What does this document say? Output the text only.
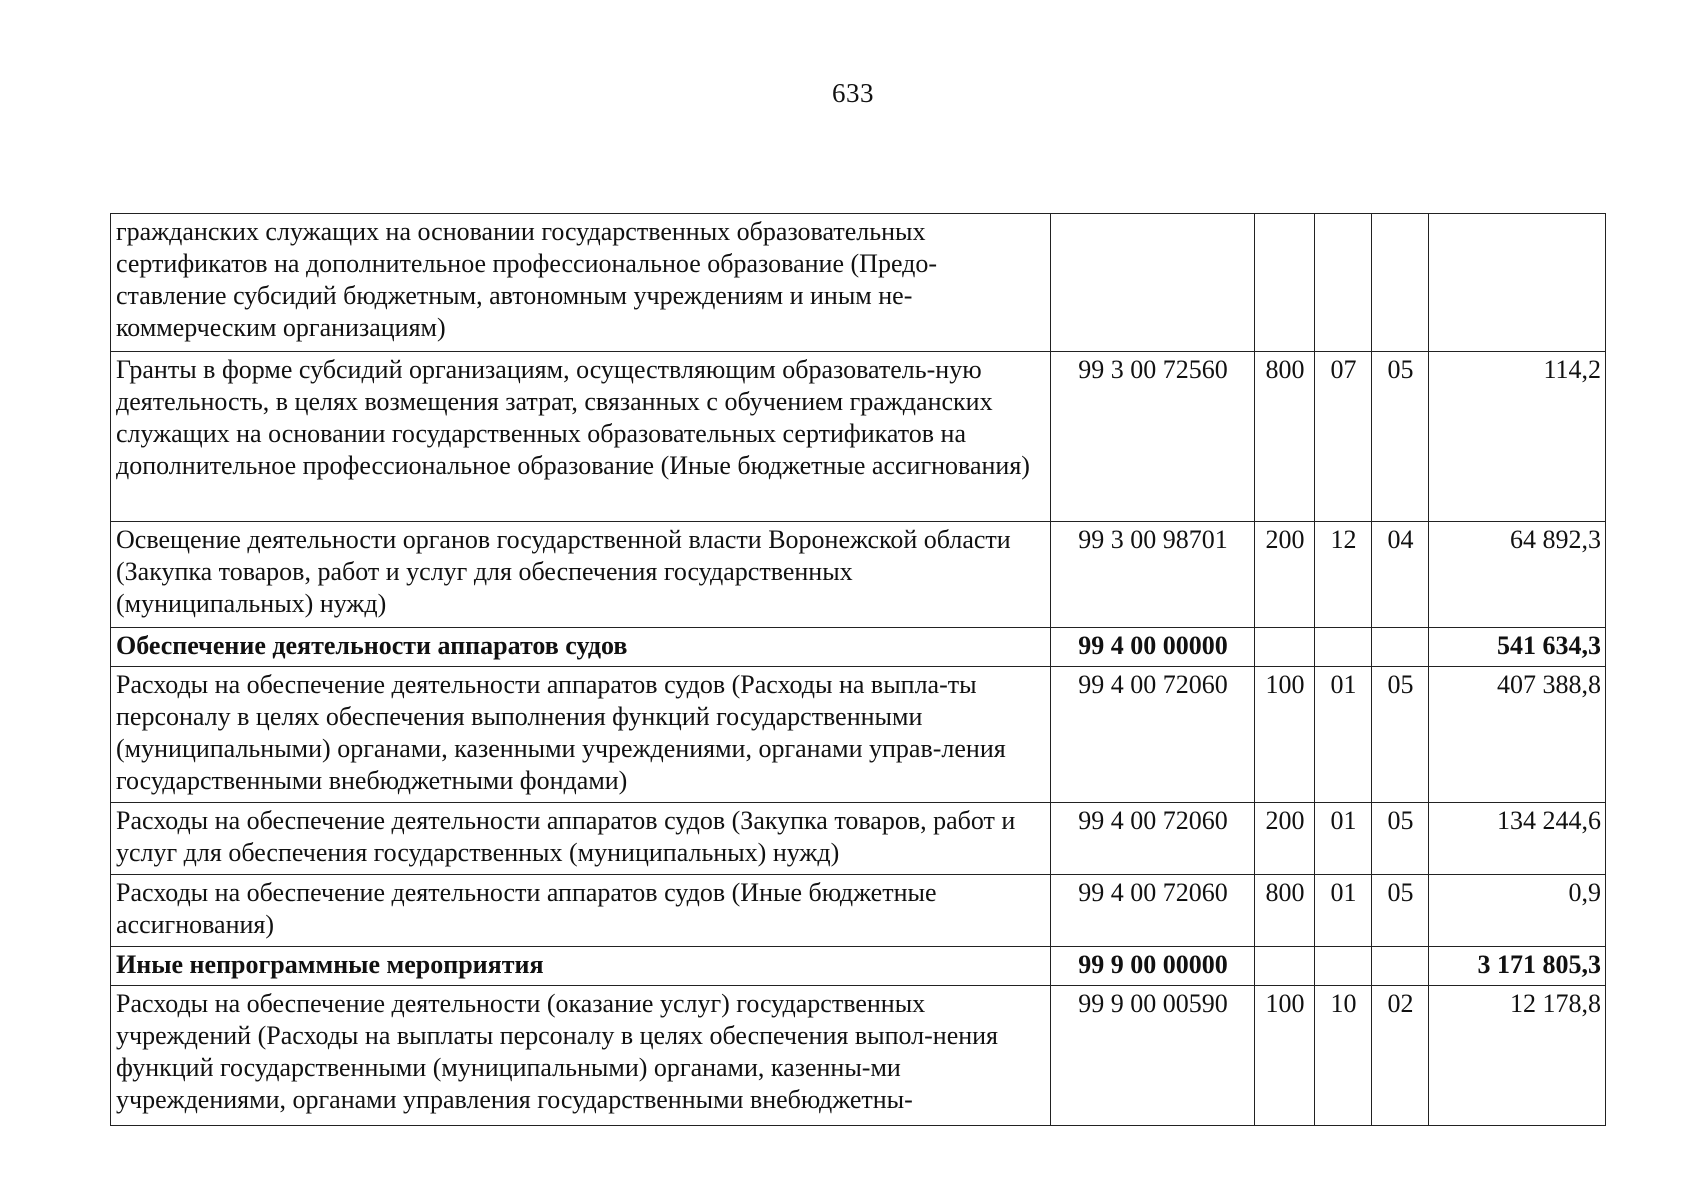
633
гражданских служащих на основании государственных образовательных сертификатов на дополнительное профессиональное образование (Предо-ставление субсидий бюджетным, автономным учреждениям и иным не-коммерческим организациям)					
Гранты в форме субсидий организациям, осуществляющим образователь-ную деятельность, в целях возмещения затрат, связанных с обучением гражданских служащих на основании государственных образовательных сертификатов на дополнительное профессиональное образование (Иные бюджетные ассигнования)	99 3 00 72560	800	07	05	114,2
Освещение деятельности органов государственной власти Воронежской области (Закупка товаров, работ и услуг для обеспечения государственных (муниципальных) нужд)	99 3 00 98701	200	12	04	64 892,3
Обеспечение деятельности аппаратов судов	99 4 00 00000				541 634,3
Расходы на обеспечение деятельности аппаратов судов (Расходы на выпла-ты персоналу в целях обеспечения выполнения функций государственными (муниципальными) органами, казенными учреждениями, органами управ-ления государственными внебюджетными фондами)	99 4 00 72060	100	01	05	407 388,8
Расходы на обеспечение деятельности аппаратов судов (Закупка товаров, работ и услуг для обеспечения государственных (муниципальных) нужд)	99 4 00 72060	200	01	05	134 244,6
Расходы на обеспечение деятельности аппаратов судов (Иные бюджетные ассигнования)	99 4 00 72060	800	01	05	0,9
Иные непрограммные мероприятия	99 9 00 00000				3 171 805,3
Расходы на обеспечение деятельности (оказание услуг) государственных учреждений (Расходы на выплаты персоналу в целях обеспечения выпол-нения функций государственными (муниципальными) органами, казенны-ми учреждениями, органами управления государственными внебюджетны-	99 9 00 00590	100	10	02	12 178,8
